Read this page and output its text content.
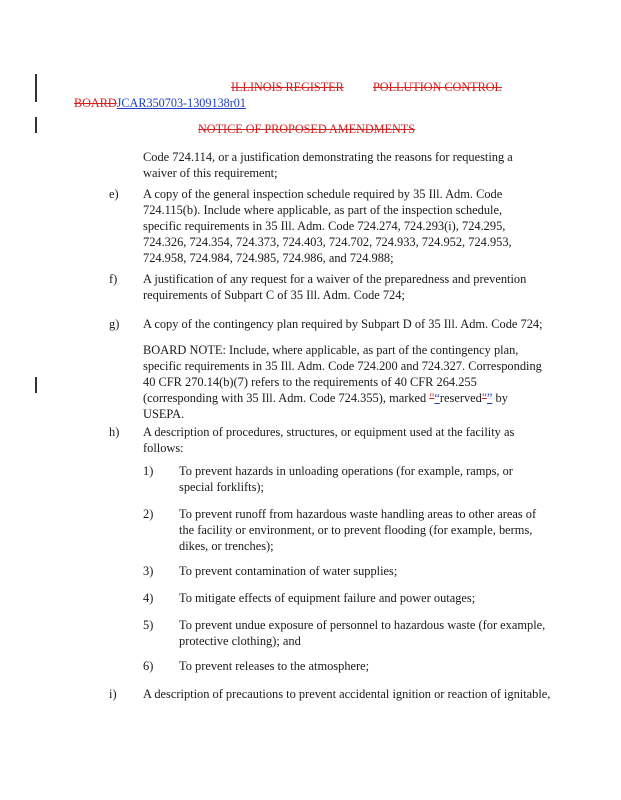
ILLINOIS REGISTER POLLUTION CONTROL
BOARDJCAR350703-1309138r01
NOTICE OF PROPOSED AMENDMENTS

Code 724.114, or a justification demonstrating the reasons for requesting a waiver of this requirement;

e) A copy of the general inspection schedule required by 35 Ill. Adm. Code 724.115(b). Include where applicable, as part of the inspection schedule, specific requirements in 35 Ill. Adm. Code 724.274, 724.293(i), 724.295, 724.326, 724.354, 724.373, 724.403, 724.702, 724.933, 724.952, 724.953, 724.958, 724.984, 724.985, 724.986, and 724.988;

f) A justification of any request for a waiver of the preparedness and prevention requirements of Subpart C of 35 Ill. Adm. Code 724;

g) A copy of the contingency plan required by Subpart D of 35 Ill. Adm. Code 724;

BOARD NOTE: Include, where applicable, as part of the contingency plan, specific requirements in 35 Ill. Adm. Code 724.200 and 724.327. Corresponding 40 CFR 270.14(b)(7) refers to the requirements of 40 CFR 264.255 (corresponding with 35 Ill. Adm. Code 724.355), marked "“reserved"” by USEPA.

h) A description of procedures, structures, or equipment used at the facility as follows:

1) To prevent hazards in unloading operations (for example, ramps, or special forklifts);

2) To prevent runoff from hazardous waste handling areas to other areas of the facility or environment, or to prevent flooding (for example, berms, dikes, or trenches);

3) To prevent contamination of water supplies;

4) To mitigate effects of equipment failure and power outages;

5) To prevent undue exposure of personnel to hazardous waste (for example, protective clothing); and

6) To prevent releases to the atmosphere;

i) A description of precautions to prevent accidental ignition or reaction of ignitable,
